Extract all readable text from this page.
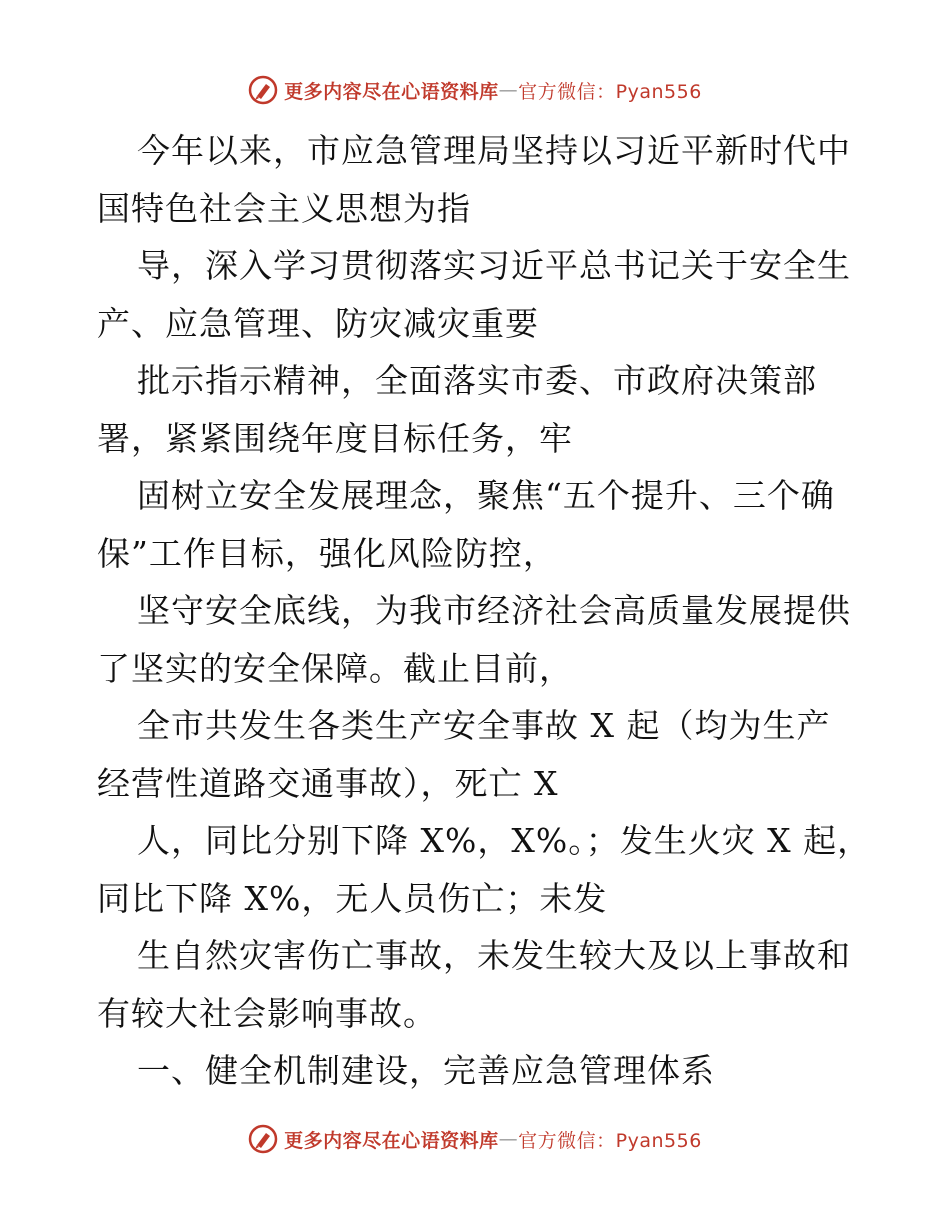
更多内容尽在心语资料库 — 官方微信：Pyan556
今年以来，市应急管理局坚持以习近平新时代中
国特色社会主义思想为指
导，深入学习贯彻落实习近平总书记关于安全生
产、应急管理、防灾减灾重要
批示指示精神，全面落实市委、市政府决策部
署，紧紧围绕年度目标任务，牢
固树立安全发展理念，聚焦“五个提升、三个确
保”工作目标，强化风险防控，
坚守安全底线，为我市经济社会高质量发展提供
了坚实的安全保障。截止目前，
全市共发生各类生产安全事故 X 起（均为生产
经营性道路交通事故），死亡 X
人，同比分别下降 X%，X%。；发生火灾 X 起，
同比下降 X%，无人员伤亡；未发
生自然灾害伤亡事故，未发生较大及以上事故和
有较大社会影响事故。
一、健全机制建设，完善应急管理体系
更多内容尽在心语资料库 — 官方微信：Pyan556
